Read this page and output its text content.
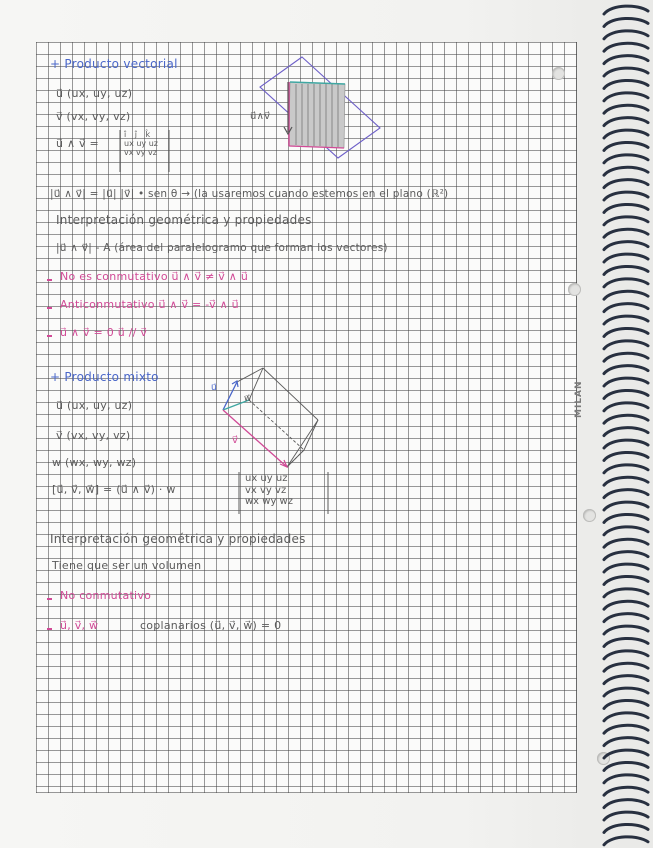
+ Producto vectorial
u⃗ (ux, uy, uz)
v⃗ (vx, vy, vz)
u⃗ ∧ v⃗ =
î ĵ k̂
ux uy uz
vx vy vz
u⃗∧v⃗
|u⃗ ∧ v⃗| = |u⃗| |v⃗| • sen θ → (la usaremos cuando estemos en el plano (ℝ²)
Interpretación geométrica y propiedades
|u⃗ ∧ v⃗| - A (área del paralelogramo que forman los vectores)
No es conmutativo u⃗ ∧ v⃗ ≠ v⃗ ∧ u⃗
Anticonmutativo u⃗ ∧ v⃗ = -v⃗ ∧ u⃗
u⃗ ∧ v⃗ = 0 u⃗ // v⃗
+ Producto mixto
u⃗ (ux, uy, uz)
v⃗ (vx, vy, vz)
w (wx, wy, wz)
[u⃗, v⃗, w⃗] = (u⃗ ∧ v⃗) · w
ux uy uz
vx vy vz
wx wy wz
u⃗
w⃗
v⃗
Interpretación geométrica y propiedades
Tiene que ser un volumen
No conmutativo
u⃗, v⃗, w⃗	coplanarios (u⃗, v⃗, w⃗) = 0
MILAN
